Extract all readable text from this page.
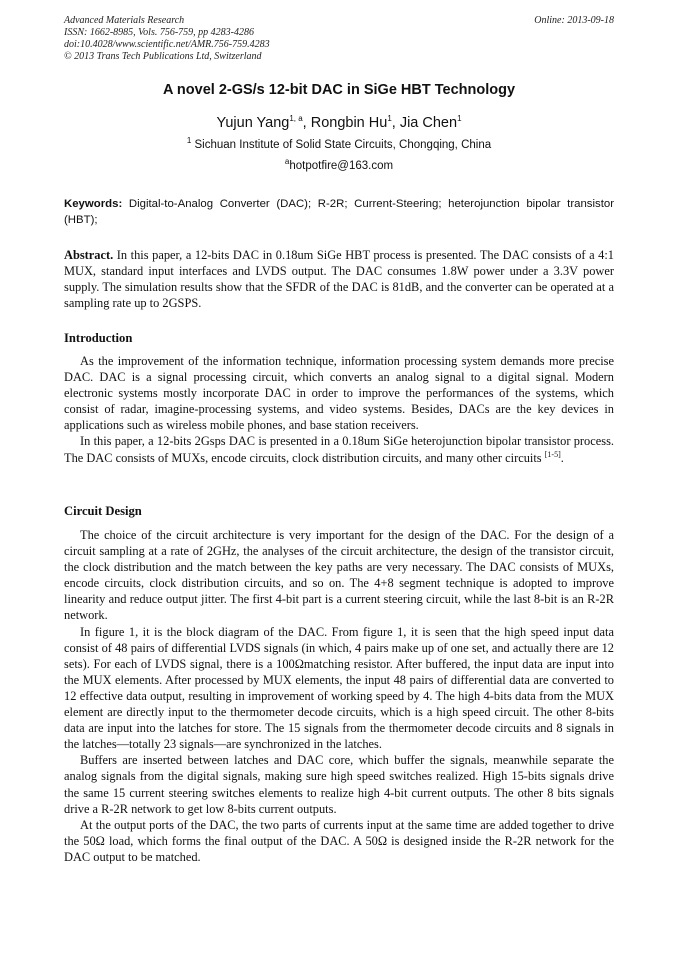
Advanced Materials Research
ISSN: 1662-8985, Vols. 756-759, pp 4283-4286
doi:10.4028/www.scientific.net/AMR.756-759.4283
© 2013 Trans Tech Publications Ltd, Switzerland
Online: 2013-09-18
A novel 2-GS/s 12-bit DAC in SiGe HBT Technology
Yujun Yang$^{1, a}$, Rongbin Hu$^1$, Jia Chen$^1$
$^1$ Sichuan Institute of Solid State Circuits, Chongqing, China
$^a$hotpotfire@163.com
Keywords: Digital-to-Analog Converter (DAC); R-2R; Current-Steering; heterojunction bipolar transistor (HBT);
Abstract. In this paper, a 12-bits DAC in 0.18um SiGe HBT process is presented. The DAC consists of a 4:1 MUX, standard input interfaces and LVDS output. The DAC consumes 1.8W power under a 3.3V power supply. The simulation results show that the SFDR of the DAC is 81dB, and the converter can be operated at a sampling rate up to 2GSPS.
Introduction

As the improvement of the information technique, information processing system demands more precise DAC. DAC is a signal processing circuit, which converts an analog signal to a digital signal. Modern electronic systems mostly incorporate DAC in order to improve the performances of the systems, which consist of radar, imagine-processing systems, and video systems. Besides, DACs are the key devices in applications such as wireless mobile phones, and base station receivers.

In this paper, a 12-bits 2Gsps DAC is presented in a 0.18um SiGe heterojunction bipolar transistor process. The DAC consists of MUXs, encode circuits, clock distribution circuits, and many other circuits [1-5].

Circuit Design

The choice of the circuit architecture is very important for the design of the DAC. For the design of a circuit sampling at a rate of 2GHz, the analyses of the circuit architecture, the design of the transistor circuit, the clock distribution and the match between the key paths are very necessary. The DAC consists of MUXs, encode circuits, clock distribution circuits, and so on. The 4+8 segment technique is adopted to improve linearity and reduce output jitter. The first 4-bit part is a current steering circuit, while the last 8-bit is an R-2R network.

In figure 1, it is the block diagram of the DAC. From figure 1, it is seen that the high speed input data consist of 48 pairs of differential LVDS signals (in which, 4 pairs make up of one set, and actually there are 12 sets). For each of LVDS signal, there is a 100Ωmatching resistor. After buffered, the input data are input into the MUX elements. After processed by MUX elements, the input 48 pairs of differential data are converted to 12 effective data output, resulting in improvement of working speed by 4. The high 4-bits data from the MUX element are directly input to the thermometer decode circuits, which is a high speed circuit. The other 8-bits data are input into the latches for store. The 15 signals from the thermometer decode circuits and 8 signals in the latches—totally 23 signals—are synchronized in the latches.

Buffers are inserted between latches and DAC core, which buffer the signals, meanwhile separate the analog signals from the digital signals, making sure high speed switches realized. High 15-bits signals drive the same 15 current steering switches elements to realize high 4-bit current outputs. The other 8 bits signals drive a R-2R network to get low 8-bits current outputs.

At the output ports of the DAC, the two parts of currents input at the same time are added together to drive the 50Ω load, which forms the final output of the DAC. A 50Ω is designed inside the R-2R network for the DAC output to be matched.
